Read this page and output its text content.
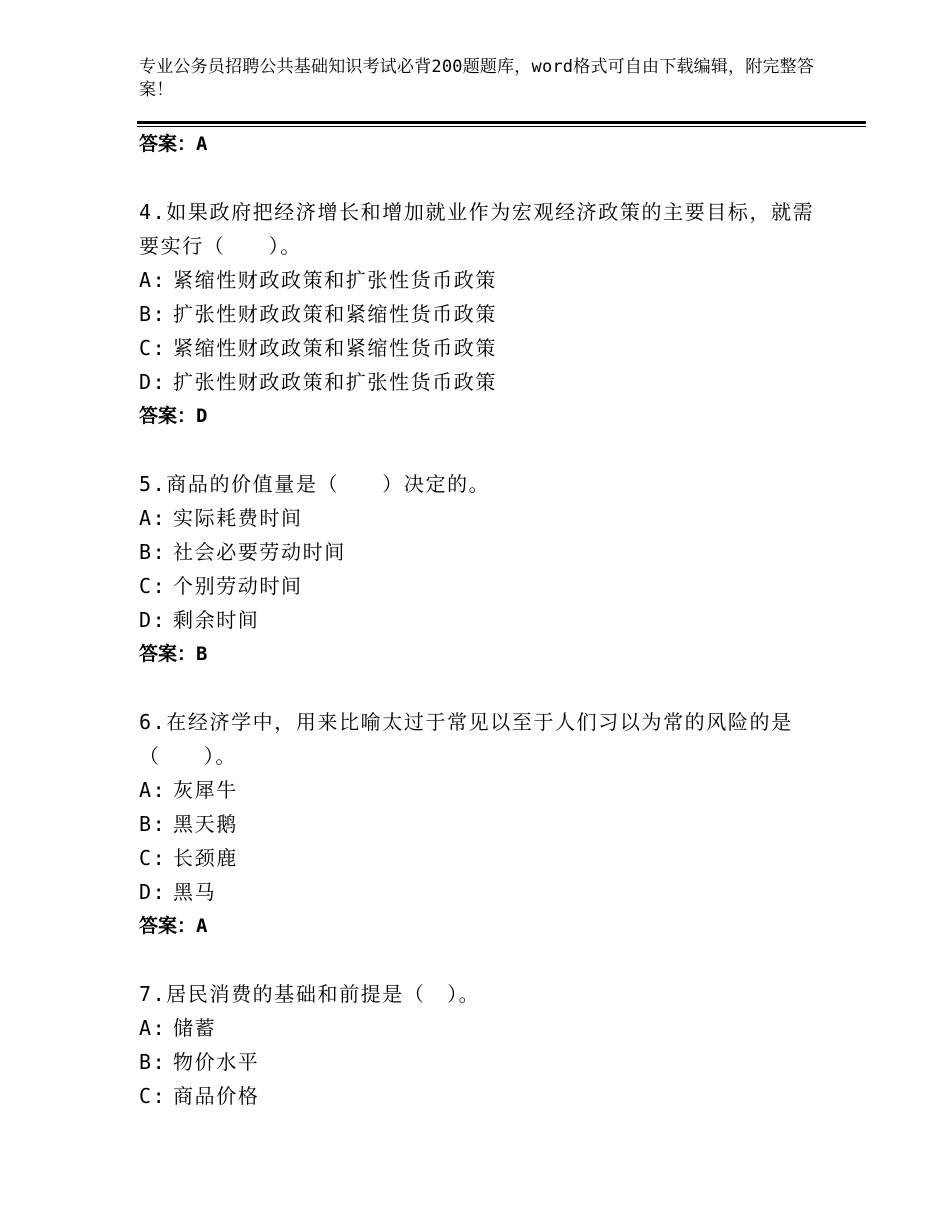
专业公务员招聘公共基础知识考试必背200题题库，word格式可自由下载编辑，附完整答案！

答案：A

4.如果政府把经济增长和增加就业作为宏观经济政策的主要目标，就需要实行（　　）。

A: 紧缩性财政政策和扩张性货币政策

B: 扩张性财政政策和紧缩性货币政策

C: 紧缩性财政政策和紧缩性货币政策

D: 扩张性财政政策和扩张性货币政策

答案：D

5.商品的价值量是（　　）决定的。

A: 实际耗费时间

B: 社会必要劳动时间

C: 个别劳动时间

D: 剩余时间

答案：B

6.在经济学中，用来比喻太过于常见以至于人们习以为常的风险的是（　　）。

A: 灰犀牛

B: 黑天鹅

C: 长颈鹿

D: 黑马

答案：A

7.居民消费的基础和前提是（　）。

A: 储蓄

B: 物价水平

C: 商品价格
